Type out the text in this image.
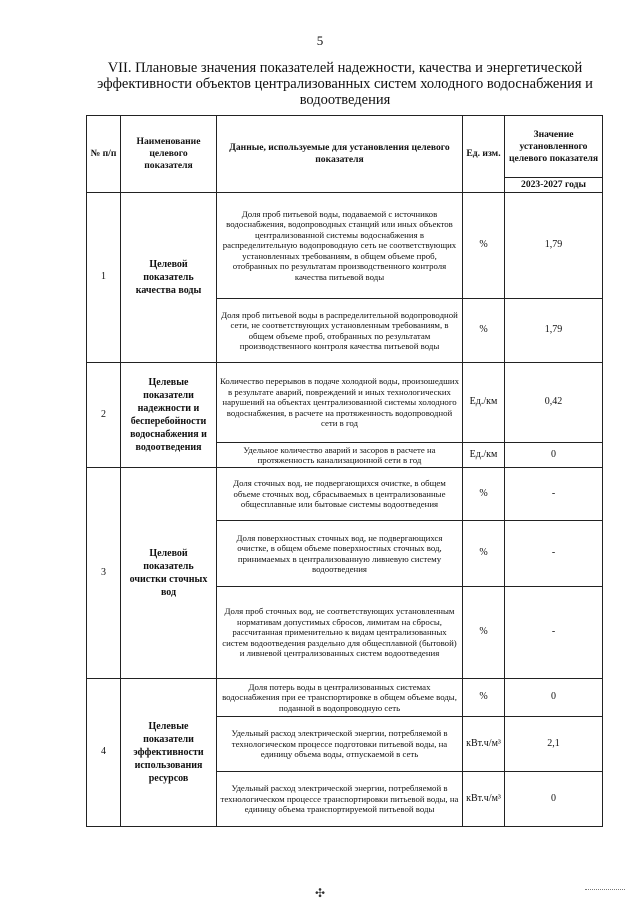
5
VII. Плановые значения показателей надежности, качества и энергетической эффективности объектов централизованных систем холодного водоснабжения и водоотведения
№ п/п	Наименование целевого показателя	Данные, используемые для установления целевого показателя	Ед. изм.	Значение установленного целевого показателя
				2023-2027 годы
1	Целевой показатель качества воды	Доля проб питьевой воды, подаваемой с источников водоснабжения, водопроводных станций или иных объектов централизованной системы водоснабжения в распределительную водопроводную сеть не соответствующих установленных требованиям, в общем объеме проб, отобранных по результатам производственного контроля качества питьевой воды	%	1,79
		Доля проб питьевой воды в распределительной водопроводной сети, не соответствующих установленным требованиям, в общем объеме проб, отобранных по результатам производственного контроля качества питьевой воды	%	1,79
2	Целевые показатели надежности и бесперебойности водоснабжения и водоотведения	Количество перерывов в подаче холодной воды, произошедших в результате аварий, повреждений и иных технологических нарушений на объектах централизованной системы холодного водоснабжения, в расчете на протяженность водопроводной сети в год	Ед./км	0,42
		Удельное количество аварий и засоров в расчете на протяженность канализационной сети в год	Ед./км	0
3	Целевой показатель очистки сточных вод	Доля сточных вод, не подвергающихся очистке, в общем объеме сточных вод, сбрасываемых в централизованные общесплавные или бытовые системы водоотведения	%	-
		Доля поверхностных сточных вод, не подвергающихся очистке, в общем объеме поверхностных сточных вод, принимаемых в централизованную ливневую систему водоотведения	%	-
		Доля проб сточных вод, не соответствующих установленным нормативам допустимых сбросов, лимитам на сбросы, рассчитанная применительно к видам централизованных систем водоотведения раздельно для общесплавной (бытовой) и ливневой централизованных систем водоотведения	%	-
4	Целевые показатели эффективности использования ресурсов	Доля потерь воды в централизованных системах водоснабжения при ее транспортировке в общем объеме воды, поданной в водопроводную сеть	%	0
		Удельный расход электрической энергии, потребляемой в технологическом процессе подготовки питьевой воды, на единицу объема воды, отпускаемой в сеть	кВт.ч/м³	2,1
		Удельный расход электрической энергии, потребляемой в технологическом процессе транспортировки питьевой воды, на единицу объема транспортируемой питьевой воды	кВт.ч/м³	0
✣
